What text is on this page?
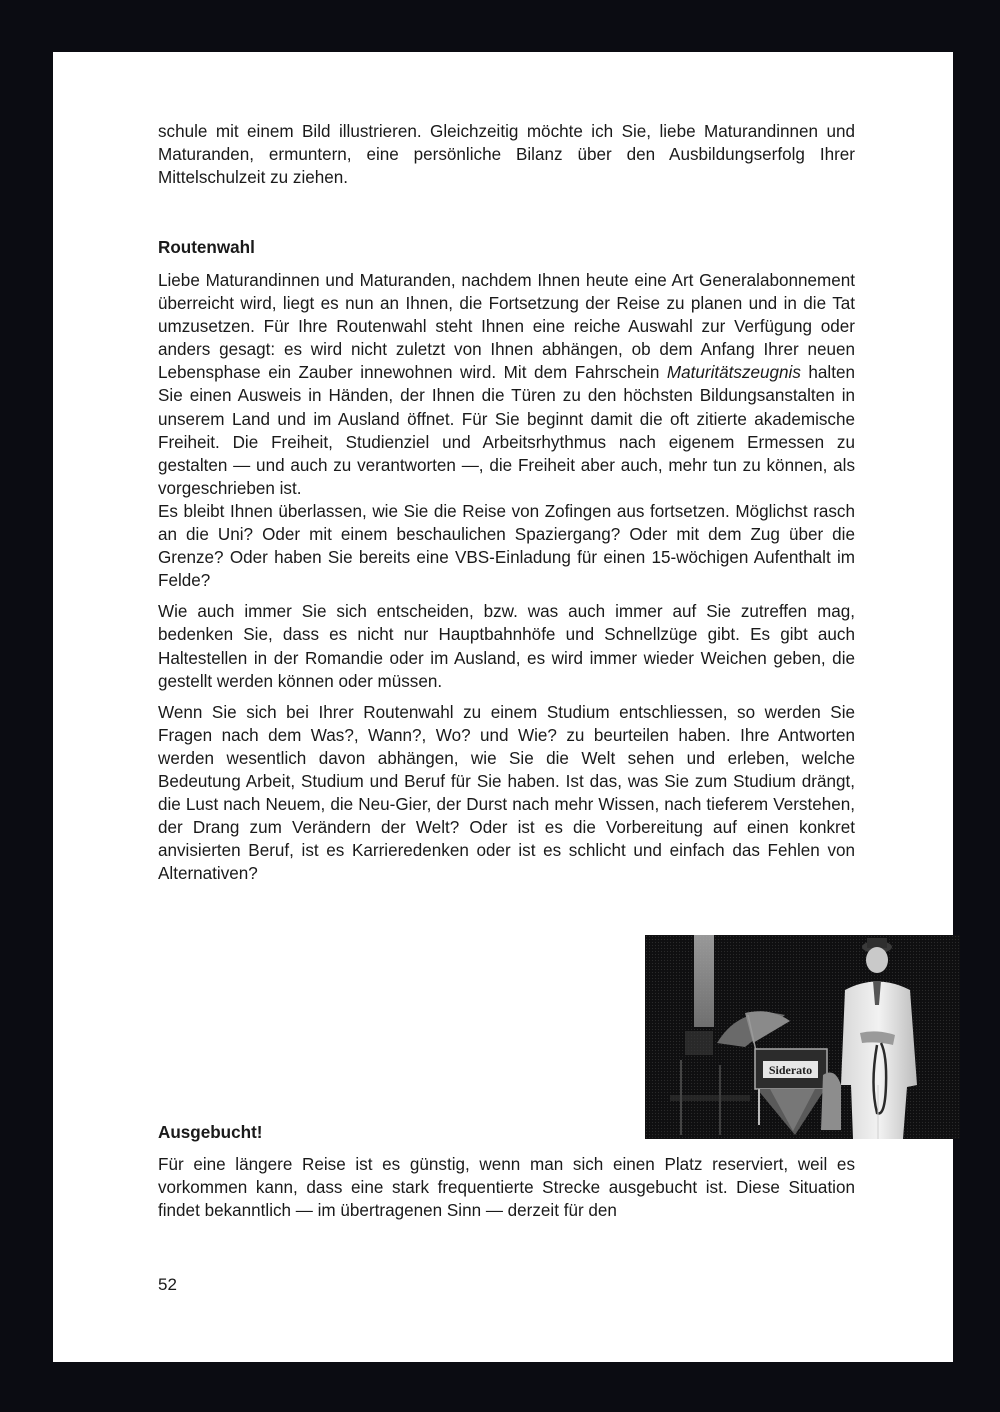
schule mit einem Bild illustrieren. Gleichzeitig möchte ich Sie, liebe Maturandinnen und Maturanden, ermuntern, eine persönliche Bilanz über den Ausbildungserfolg Ihrer Mittelschulzeit zu ziehen.

Routenwahl

Liebe Maturandinnen und Maturanden, nachdem Ihnen heute eine Art Generalabonnement überreicht wird, liegt es nun an Ihnen, die Fortsetzung der Reise zu planen und in die Tat umzusetzen. Für Ihre Routenwahl steht Ihnen eine reiche Auswahl zur Verfügung oder anders gesagt: es wird nicht zuletzt von Ihnen abhängen, ob dem Anfang Ihrer neuen Lebensphase ein Zauber innewohnen wird. Mit dem Fahrschein Maturitätszeugnis halten Sie einen Ausweis in Händen, der Ihnen die Türen zu den höchsten Bildungsanstalten in unserem Land und im Ausland öffnet. Für Sie beginnt damit die oft zitierte akademische Freiheit. Die Freiheit, Studienziel und Arbeitsrhythmus nach eigenem Ermessen zu gestalten — und auch zu verantworten —, die Freiheit aber auch, mehr tun zu können, als vorgeschrieben ist.

Es bleibt Ihnen überlassen, wie Sie die Reise von Zofingen aus fortsetzen. Möglichst rasch an die Uni? Oder mit einem beschaulichen Spaziergang? Oder mit dem Zug über die Grenze? Oder haben Sie bereits eine VBS-Einladung für einen 15-wöchigen Aufenthalt im Felde?

Wie auch immer Sie sich entscheiden, bzw. was auch immer auf Sie zutreffen mag, bedenken Sie, dass es nicht nur Hauptbahnhöfe und Schnellzüge gibt. Es gibt auch Haltestellen in der Romandie oder im Ausland, es wird immer wieder Weichen geben, die gestellt werden können oder müssen.

Wenn Sie sich bei Ihrer Routenwahl zu einem Studium entschliessen, so werden Sie Fragen nach dem Was?, Wann?, Wo? und Wie? zu beurteilen haben. Ihre Antworten werden wesentlich davon abhängen, wie Sie die Welt sehen und erleben, welche Bedeutung Arbeit, Studium und Beruf für Sie haben. Ist das, was Sie zum Studium drängt, die Lust nach Neuem, die Neu-Gier, der Durst nach mehr Wissen, nach tieferem Verstehen, der Drang zum Verändern der Welt? Oder ist es die Vorbereitung auf einen konkret anvisierten Beruf, ist es Karrieredenken oder ist es schlicht und einfach das Fehlen von Alternativen?

Siderato
Ausgebucht!

Für eine längere Reise ist es günstig, wenn man sich einen Platz reserviert, weil es vorkommen kann, dass eine stark frequentierte Strecke ausgebucht ist. Diese Situation findet bekanntlich — im übertragenen Sinn — derzeit für den

52
